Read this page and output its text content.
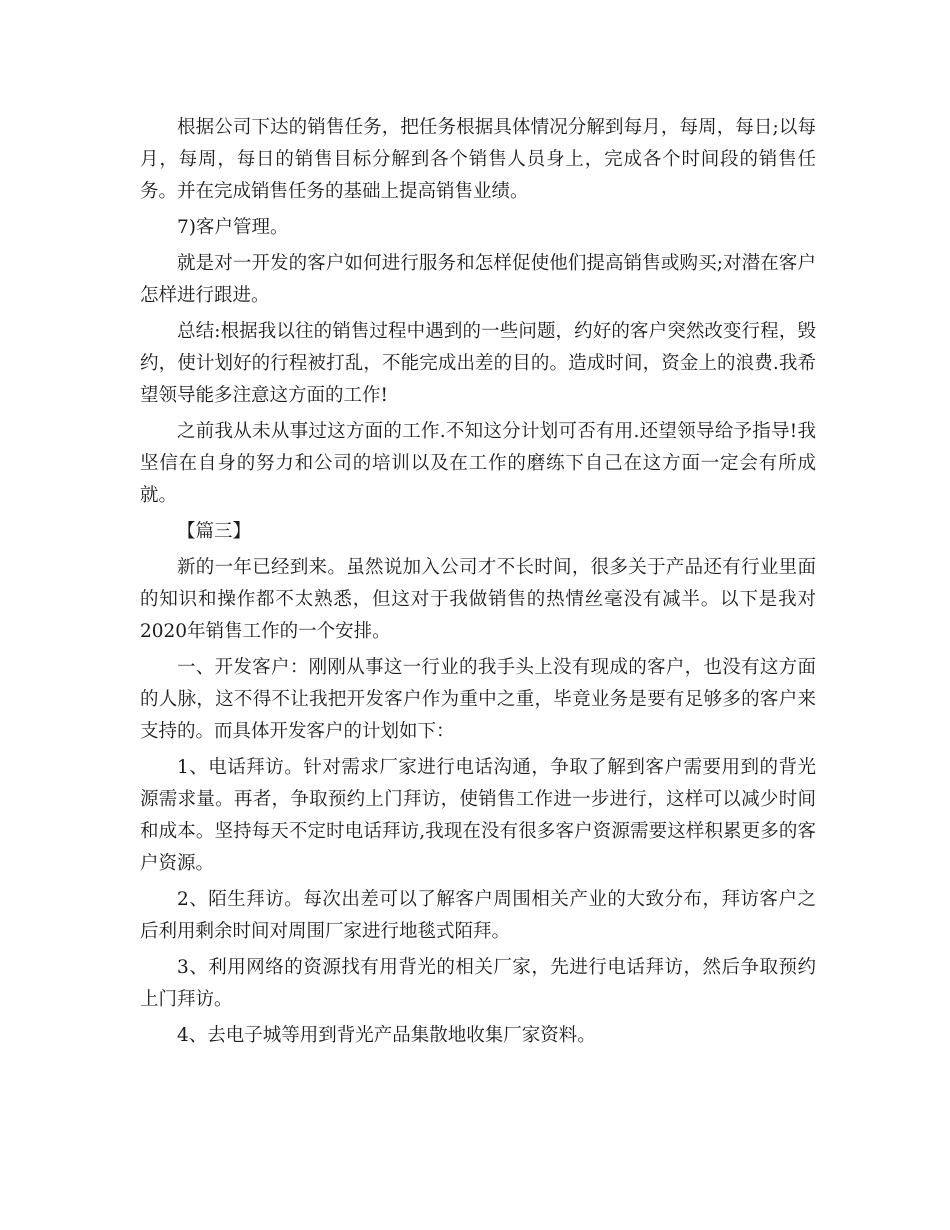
根据公司下达的销售任务，把任务根据具体情况分解到每月，每周，每日;以每月，每周，每日的销售目标分解到各个销售人员身上，完成各个时间段的销售任务。并在完成销售任务的基础上提高销售业绩。

7)客户管理。

就是对一开发的客户如何进行服务和怎样促使他们提高销售或购买;对潜在客户怎样进行跟进。

总结:根据我以往的销售过程中遇到的一些问题，约好的客户突然改变行程，毁约，使计划好的行程被打乱，不能完成出差的目的。造成时间，资金上的浪费.我希望领导能多注意这方面的工作!

之前我从未从事过这方面的工作.不知这分计划可否有用.还望领导给予指导!我坚信在自身的努力和公司的培训以及在工作的磨练下自己在这方面一定会有所成就。

【篇三】

新的一年已经到来。虽然说加入公司才不长时间，很多关于产品还有行业里面的知识和操作都不太熟悉，但这对于我做销售的热情丝毫没有减半。以下是我对2020年销售工作的一个安排。

一、开发客户：刚刚从事这一行业的我手头上没有现成的客户，也没有这方面的人脉，这不得不让我把开发客户作为重中之重，毕竟业务是要有足够多的客户来支持的。而具体开发客户的计划如下：

1、电话拜访。针对需求厂家进行电话沟通，争取了解到客户需要用到的背光源需求量。再者，争取预约上门拜访，使销售工作进一步进行，这样可以减少时间和成本。坚持每天不定时电话拜访,我现在没有很多客户资源需要这样积累更多的客户资源。

2、陌生拜访。每次出差可以了解客户周围相关产业的大致分布，拜访客户之后利用剩余时间对周围厂家进行地毯式陌拜。

3、利用网络的资源找有用背光的相关厂家，先进行电话拜访，然后争取预约上门拜访。

4、去电子城等用到背光产品集散地收集厂家资料。
